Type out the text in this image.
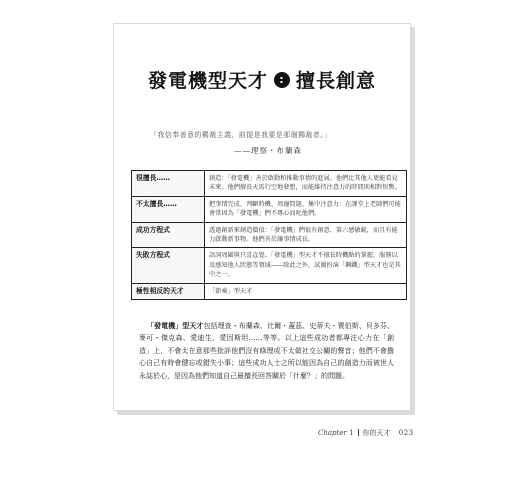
發電機型天才 : 擅長創意
「我信奉善意的獨裁主義，前提是我要是那個獨裁者。」
——理察・布蘭森
很擅長……	創造：「發電機」善於啟動和推動事情的進展。他們比其他人更能看見未來。他們擅長天馬行空地發想，而能維持注意力的時間則相對短暫。
不太擅長……	把事情完成、判斷時機、周邊問題、集中注意力：在課堂上老師們可能會常因為「發電機」們不專心而叱他們。
成功方程式	透過創新來創造價值：「發電機」們很有創意、第六感敏銳，而且有能力啟動新事物。他們善於讓事情成長。
失敗方程式	語詞周圍與只喜直覺。「發電機」型天才不擅長時機點的掌握、服務以及感知他人狀態等領域——除此之外，試圖扮演「鋼鐵」型天才也是其中之一。
極性相反的天才	「節奏」型天才
「發電機」型天才包括理查・布蘭森、比爾・蓋茲、史蒂夫・賈伯斯、貝多芬、麥可・傑克森、愛迪生、愛因斯坦……等等。以上這些成功者都專注心力在「創造」上，不會太在意那些批評他們沒有條理或不太做社交公關的聲音；他們不會擔心自己有時會健忘或錯失小事；這些成功人士之所以能因為自己的創造力而被世人永誌於心，是因為他們知道自己最擅長回答關於「什麼？」的問題。
Chapter 1 你的天才 023
